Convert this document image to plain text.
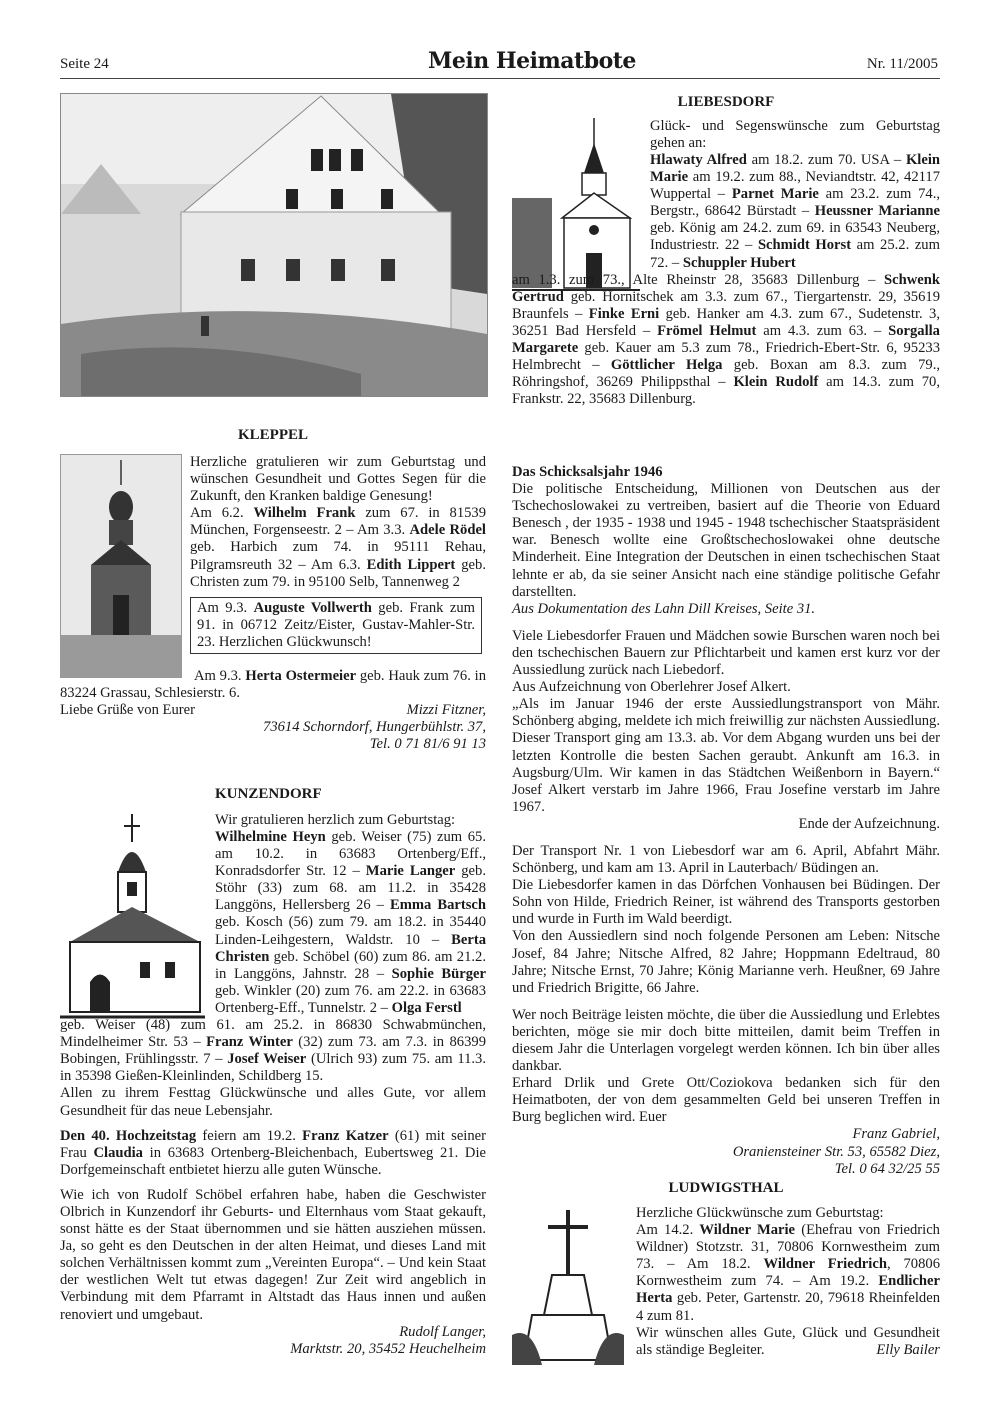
Seite 24	Mein Heimatbote	Nr. 11/2005
KLEPPEL

Herzliche gratulieren wir zum Geburtstag und wünschen Gesundheit und Gottes Segen für die Zukunft, den Kranken baldige Genesung!

Am 6.2. Wilhelm Frank zum 67. in 81539 München, Forgenseestr. 2 – Am 3.3. Adele Rödel geb. Harbich zum 74. in 95111 Rehau, Pilgramsreuth 32 – Am 6.3. Edith Lippert geb. Christen zum 79. in 95100 Selb, Tannenweg 2

Am 9.3. Auguste Vollwerth geb. Frank zum 91. in 06712 Zeitz/Eister, Gustav-Mahler-Str. 23. Herzlichen Glückwunsch!

Am 9.3. Herta Ostermeier geb. Hauk zum 76. in 83224 Grassau, Schlesierstr. 6.

Liebe Grüße von Eurer	Mizzi Fitzner,
73614 Schorndorf, Hungerbühlstr. 37,
Tel. 0 71 81/6 91 13
KUNZENDORF

Wir gratulieren herzlich zum Geburtstag:

Wilhelmine Heyn geb. Weiser (75) zum 65. am 10.2. in 63683 Ortenberg/Eff., Konradsdorfer Str. 12 – Marie Langer geb. Stöhr (33) zum 68. am 11.2. in 35428 Langgöns, Hellersberg 26 – Emma Bartsch geb. Kosch (56) zum 79. am 18.2. in 35440 Linden-Leihgestern, Waldstr. 10 – Berta Christen geb. Schöbel (60) zum 86. am 21.2. in Langgöns, Jahnstr. 28 – Sophie Bürger geb. Winkler (20) zum 76. am 22.2. in 63683 Ortenberg-Eff., Tunnelstr. 2 – Olga Ferstl

geb. Weiser (48) zum 61. am 25.2. in 86830 Schwabmünchen, Mindelheimer Str. 53 – Franz Winter (32) zum 73. am 7.3. in 86399 Bobingen, Frühlingsstr. 7 – Josef Weiser (Ulrich 93) zum 75. am 11.3. in 35398 Gießen-Kleinlinden, Schildberg 15.

Allen zu ihrem Festtag Glückwünsche und alles Gute, vor allem Gesundheit für das neue Lebensjahr.

Den 40. Hochzeitstag feiern am 19.2. Franz Katzer (61) mit seiner Frau Claudia in 63683 Ortenberg-Bleichenbach, Eubertsweg 21. Die Dorfgemeinschaft entbietet hierzu alle guten Wünsche.

Wie ich von Rudolf Schöbel erfahren habe, haben die Geschwister Olbrich in Kunzendorf ihr Geburts- und Elternhaus vom Staat gekauft, sonst hätte es der Staat übernommen und sie hätten ausziehen müssen. Ja, so geht es den Deutschen in der alten Heimat, und dieses Land mit solchen Verhältnissen kommt zum „Vereinten Europa“. – Und kein Staat der westlichen Welt tut etwas dagegen! Zur Zeit wird angeblich in Verbindung mit dem Pfarramt in Altstadt das Haus innen und außen renoviert und umgebaut.

Rudolf Langer,
Marktstr. 20, 35452 Heuchelheim
LIEBESDORF

Glück- und Segenswünsche zum Geburtstag gehen an:

Hlawaty Alfred am 18.2. zum 70. USA – Klein Marie am 19.2. zum 88., Neviandtstr. 42, 42117 Wuppertal – Parnet Marie am 23.2. zum 74., Bergstr., 68642 Bürstadt – Heussner Marianne geb. König am 24.2. zum 69. in 63543 Neuberg, Industriestr. 22 – Schmidt Horst am 25.2. zum 72. – Schuppler Hubert

am 1.3. zum 73., Alte Rheinstr 28, 35683 Dillenburg – Schwenk Gertrud geb. Hornitschek am 3.3. zum 67., Tiergartenstr. 29, 35619 Braunfels – Finke Erni geb. Hanker am 4.3. zum 67., Sudetenstr. 3, 36251 Bad Hersfeld – Frömel Helmut am 4.3. zum 63. – Sorgalla Margarete geb. Kauer am 5.3 zum 78., Friedrich-Ebert-Str. 6, 95233 Helmbrecht – Göttlicher Helga geb. Boxan am 8.3. zum 79., Röhringshof, 36269 Philippsthal – Klein Rudolf am 14.3. zum 70, Frankstr. 22, 35683 Dillenburg.

Das Schicksalsjahr 1946

Die politische Entscheidung, Millionen von Deutschen aus der Tschechoslowakei zu vertreiben, basiert auf die Theorie von Eduard Benesch , der 1935 - 1938 und 1945 - 1948 tschechischer Staatspräsident war. Benesch wollte eine Großtschechoslowakei ohne deutsche Minderheit. Eine Integration der Deutschen in einen tschechischen Staat lehnte er ab, da sie seiner Ansicht nach eine ständige politische Gefahr darstellten.

Aus Dokumentation des Lahn Dill Kreises, Seite 31.

Viele Liebesdorfer Frauen und Mädchen sowie Burschen waren noch bei den tschechischen Bauern zur Pflichtarbeit und kamen erst kurz vor der Aussiedlung zurück nach Liebedorf.

Aus Aufzeichnung von Oberlehrer Josef Alkert.

„Als im Januar 1946 der erste Aussiedlungstransport von Mähr. Schönberg abging, meldete ich mich freiwillig zur nächsten Aussiedlung. Dieser Transport ging am 13.3. ab. Vor dem Abgang wurden uns bei der letzten Kontrolle die besten Sachen geraubt. Ankunft am 16.3. in Augsburg/Ulm. Wir kamen in das Städtchen Weißenborn in Bayern.“ Josef Alkert verstarb im Jahre 1966, Frau Josefine verstarb im Jahre 1967.

Ende der Aufzeichnung.

Der Transport Nr. 1 von Liebesdorf war am 6. April, Abfahrt Mähr. Schönberg, und kam am 13. April in Lauterbach/ Büdingen an.

Die Liebesdorfer kamen in das Dörfchen Vonhausen bei Büdingen. Der Sohn von Hilde, Friedrich Reiner, ist während des Transports gestorben und wurde in Furth im Wald beerdigt.

Von den Aussiedlern sind noch folgende Personen am Leben: Nitsche Josef, 84 Jahre; Nitsche Alfred, 82 Jahre; Hoppmann Edeltraud, 80 Jahre; Nitsche Ernst, 70 Jahre; König Marianne verh. Heußner, 69 Jahre und Friedrich Brigitte, 66 Jahre.

Wer noch Beiträge leisten möchte, die über die Aussiedlung und Erlebtes berichten, möge sie mir doch bitte mitteilen, damit beim Treffen in diesem Jahr die Unterlagen vorgelegt werden können. Ich bin über alles dankbar.

Erhard Drlik und Grete Ott/Coziokova bedanken sich für den Heimatboten, der von dem gesammelten Geld bei unseren Treffen in Burg beglichen wird. Euer

Franz Gabriel,
Oranienstein​er Str. 53, 65582 Diez,
Tel. 0 64 32/25 55
LUDWIGSTHAL

Herzliche Glückwünsche zum Geburtstag:

Am 14.2. Wildner Marie (Ehefrau von Friedrich Wildner) Stotzstr. 31, 70806 Kornwestheim zum 73. – Am 18.2. Wildner Friedrich, 70806 Kornwestheim zum 74. – Am 19.2. Endlicher Herta geb. Peter, Gartenstr. 20, 79618 Rheinfelden 4 zum 81.

Wir wünschen alles Gute, Glück und Gesundheit als ständige Begleiter.	Elly Bailer
